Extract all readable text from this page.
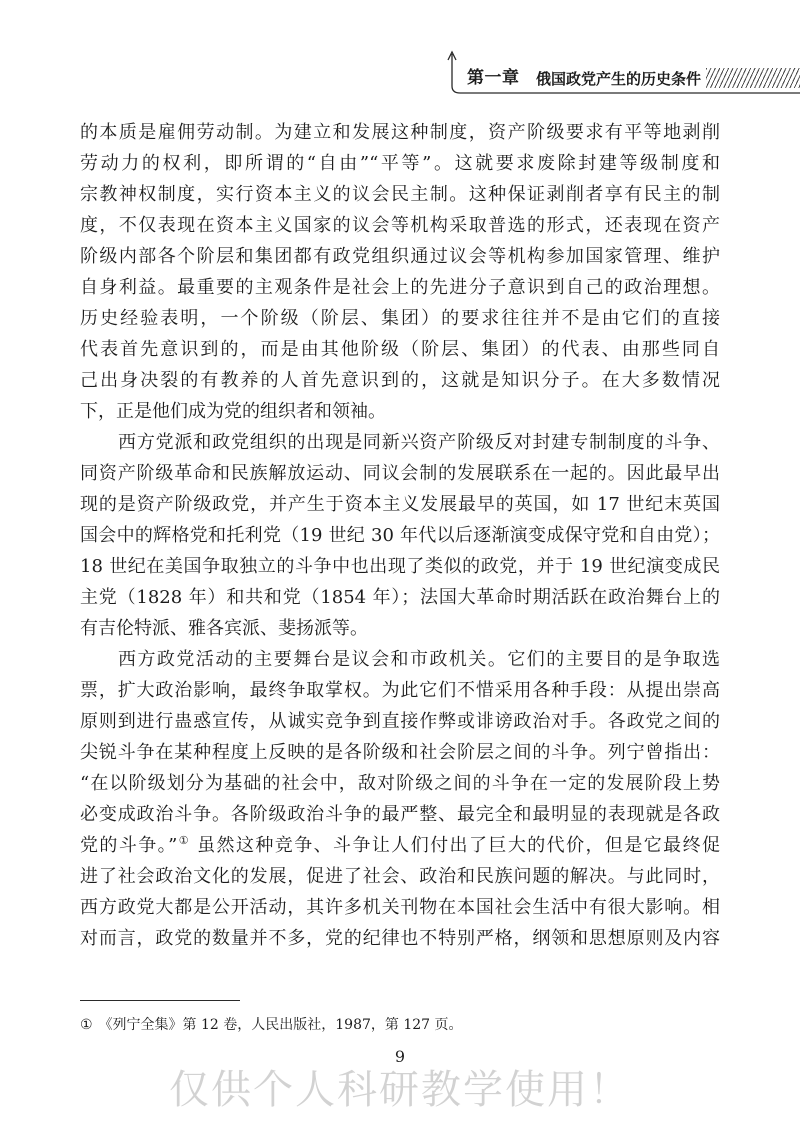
第一章 俄国政党产生的历史条件
的本质是雇佣劳动制。为建立和发展这种制度，资产阶级要求有平等地剥削
劳动力的权利，即所谓的“自由”“平等”。这就要求废除封建等级制度和
宗教神权制度，实行资本主义的议会民主制。这种保证剥削者享有民主的制
度，不仅表现在资本主义国家的议会等机构采取普选的形式，还表现在资产
阶级内部各个阶层和集团都有政党组织通过议会等机构参加国家管理、维护
自身利益。最重要的主观条件是社会上的先进分子意识到自己的政治理想。
历史经验表明，一个阶级（阶层、集团）的要求往往并不是由它们的直接
代表首先意识到的，而是由其他阶级（阶层、集团）的代表、由那些同自
己出身决裂的有教养的人首先意识到的，这就是知识分子。在大多数情况
下，正是他们成为党的组织者和领袖。
西方党派和政党组织的出现是同新兴资产阶级反对封建专制制度的斗争、
同资产阶级革命和民族解放运动、同议会制的发展联系在一起的。因此最早出
现的是资产阶级政党，并产生于资本主义发展最早的英国，如 17 世纪末英国
国会中的辉格党和托利党（19 世纪 30 年代以后逐渐演变成保守党和自由党）；
18 世纪在美国争取独立的斗争中也出现了类似的政党，并于 19 世纪演变成民
主党（1828 年）和共和党（1854 年）；法国大革命时期活跃在政治舞台上的
有吉伦特派、雅各宾派、斐扬派等。
西方政党活动的主要舞台是议会和市政机关。它们的主要目的是争取选
票，扩大政治影响，最终争取掌权。为此它们不惜采用各种手段：从提出崇高
原则到进行蛊惑宣传，从诚实竞争到直接作弊或诽谤政治对手。各政党之间的
尖锐斗争在某种程度上反映的是各阶级和社会阶层之间的斗争。列宁曾指出：
“在以阶级划分为基础的社会中，敌对阶级之间的斗争在一定的发展阶段上势
必变成政治斗争。各阶级政治斗争的最严整、最完全和最明显的表现就是各政
党的斗争。”① 虽然这种竞争、斗争让人们付出了巨大的代价，但是它最终促
进了社会政治文化的发展，促进了社会、政治和民族问题的解决。与此同时，
西方政党大都是公开活动，其许多机关刊物在本国社会生活中有很大影响。相
对而言，政党的数量并不多，党的纪律也不特别严格，纲领和思想原则及内容
① 《列宁全集》第 12 卷，人民出版社，1987，第 127 页。
9
仅供个人科研教学使用！
